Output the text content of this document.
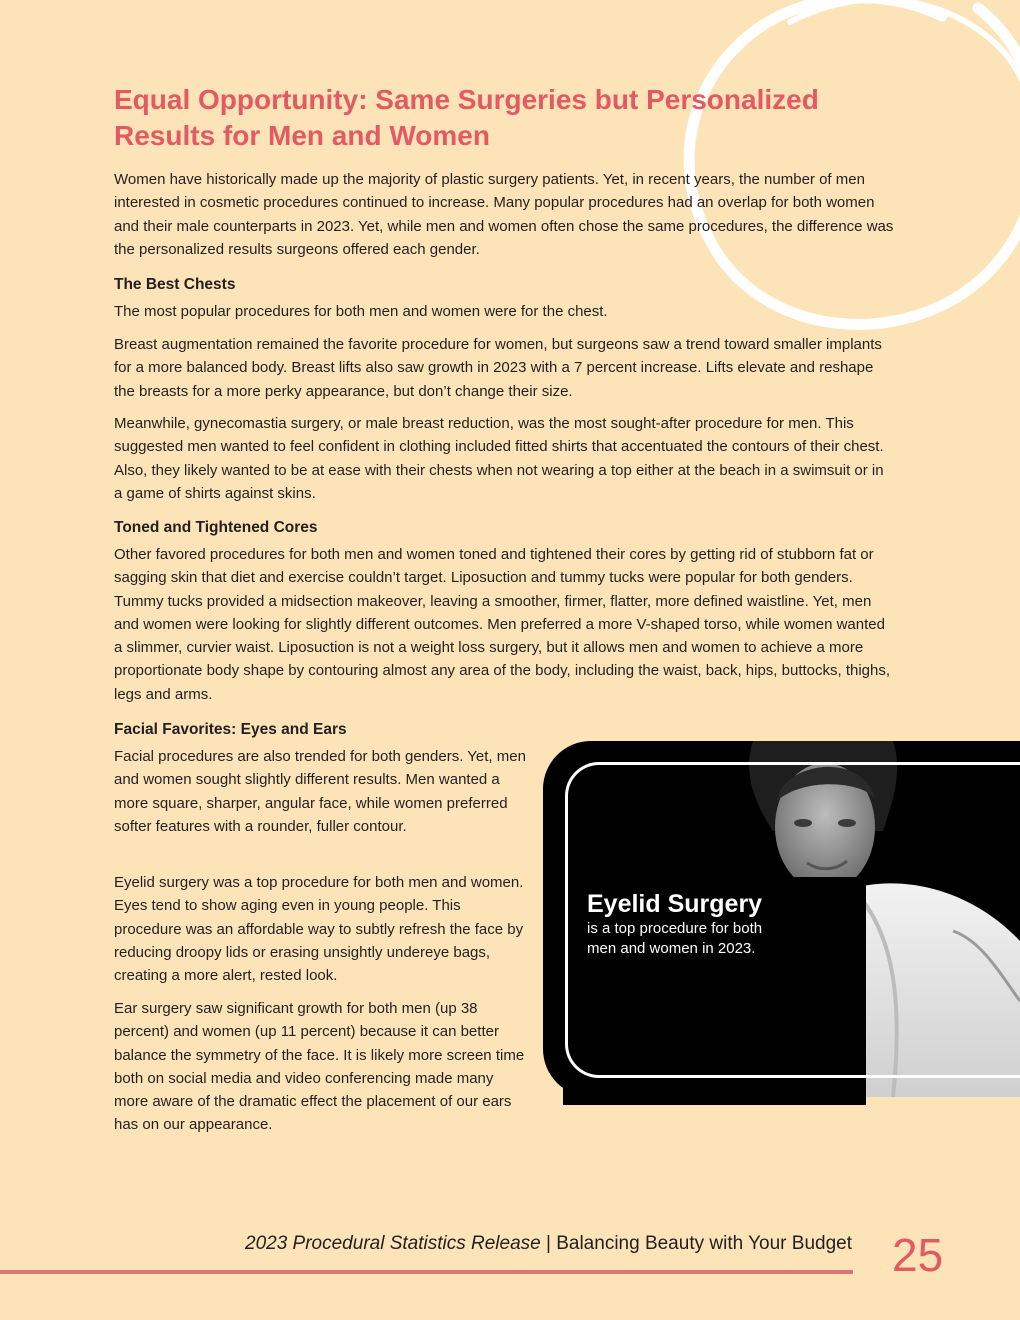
Equal Opportunity: Same Surgeries but Personalized Results for Men and Women

Women have historically made up the majority of plastic surgery patients. Yet, in recent years, the number of men interested in cosmetic procedures continued to increase. Many popular procedures had an overlap for both women and their male counterparts in 2023. Yet, while men and women often chose the same procedures, the difference was the personalized results surgeons offered each gender.

The Best Chests

The most popular procedures for both men and women were for the chest.

Breast augmentation remained the favorite procedure for women, but surgeons saw a trend toward smaller implants for a more balanced body. Breast lifts also saw growth in 2023 with a 7 percent increase. Lifts elevate and reshape the breasts for a more perky appearance, but don’t change their size.

Meanwhile, gynecomastia surgery, or male breast reduction, was the most sought-after procedure for men. This suggested men wanted to feel confident in clothing included fitted shirts that accentuated the contours of their chest. Also, they likely wanted to be at ease with their chests when not wearing a top either at the beach in a swimsuit or in a game of shirts against skins.

Toned and Tightened Cores

Other favored procedures for both men and women toned and tightened their cores by getting rid of stubborn fat or sagging skin that diet and exercise couldn’t target. Liposuction and tummy tucks were popular for both genders. Tummy tucks provided a midsection makeover, leaving a smoother, firmer, flatter, more defined waistline. Yet, men and women were looking for slightly different outcomes. Men preferred a more V-shaped torso, while women wanted a slimmer, curvier waist. Liposuction is not a weight loss surgery, but it allows men and women to achieve a more proportionate body shape by contouring almost any area of the body, including the waist, back, hips, buttocks, thighs, legs and arms.

Facial Favorites: Eyes and Ears

Facial procedures are also trended for both genders. Yet, men and women sought slightly different results. Men wanted a more square, sharper, angular face, while women preferred softer features with a rounder, fuller contour.

Eyelid surgery was a top procedure for both men and women. Eyes tend to show aging even in young people. This procedure was an affordable way to subtly refresh the face by reducing droopy lids or erasing unsightly undereye bags, creating a more alert, rested look.

Ear surgery saw significant growth for both men (up 38 percent) and women (up 11 percent) because it can better balance the symmetry of the face. It is likely more screen time both on social media and video conferencing made many more aware of the dramatic effect the placement of our ears has on our appearance.

Eyelid Surgery

is a top procedure for both men and women in 2023.

2023 Procedural Statistics Release | Balancing Beauty with Your Budget 25
